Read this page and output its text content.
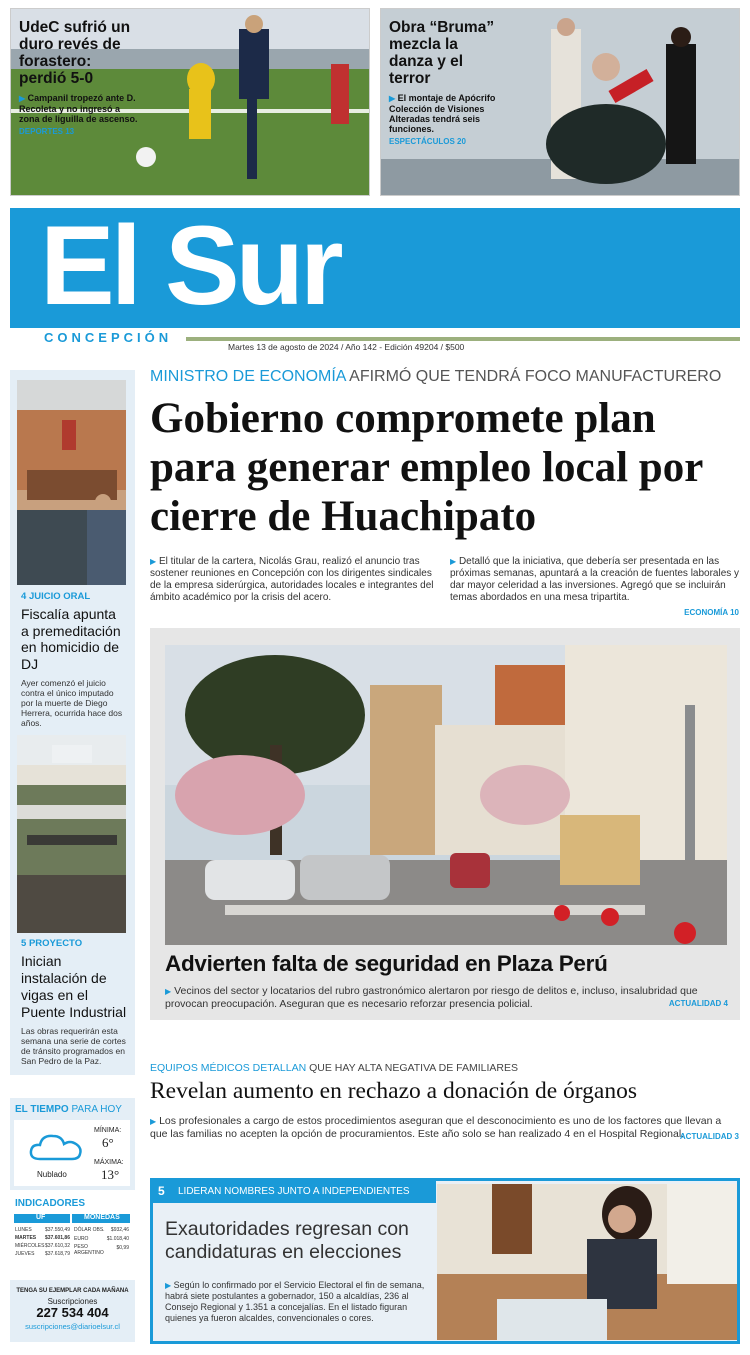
UdeC sufrió un duro revés de forastero: perdió 5-0
▶ Campanil tropezó ante D. Recoleta y no ingresó a zona de liguilla de ascenso.
DEPORTES 13
Obra “Bruma” mezcla la danza y el terror
▶ El montaje de Apócrifo Colección de Visiones Alteradas tendrá seis funciones.
ESPECTÁCULOS 20
El Sur
CONCEPCIÓN
Martes 13 de agosto de 2024 / Año 142 - Edición 49204 / $500
4 JUICIO ORAL
Fiscalía apunta a premeditación en homicidio de DJ
Ayer comenzó el juicio contra el único imputado por la muerte de Diego Herrera, ocurrida hace dos años.
5 PROYECTO
Inician instalación de vigas en el Puente Industrial
Las obras requerirán esta semana una serie de cortes de tránsito programados en San Pedro de la Paz.
EL TIEMPO PARA HOY
Nublado
MÍNIMA:
6°
MÁXIMA:
13°
INDICADORES
UF	MONEDAS
LUNES	$37.550,49
MARTES $37.601,86
MIÉRCOLES $37.610,32
JUEVES $37.618,79
DÓLAR OBS. $932,46
EURO	$1.018,40
PESO ARGENTINO
$0,99
TENGA SU EJEMPLAR CADA MAÑANA
Suscripciones
227 534 404
suscripciones@diarioelsur.cl
MINISTRO DE ECONOMÍA AFIRMÓ QUE TENDRÁ FOCO MANUFACTURERO
Gobierno compromete plan para generar empleo local por cierre de Huachipato
▶ El titular de la cartera, Nicolás Grau, realizó el anuncio tras sostener reuniones en Concepción con los dirigentes sindicales de la empresa siderúrgica, autoridades locales e integrantes del ámbito académico por la crisis del acero.
▶ Detalló que la iniciativa, que debería ser presentada en las próximas semanas, apuntará a la creación de fuentes laborales y dar mayor celeridad a las inversiones. Agregó que se incluirán temas abordados en una mesa tripartita.
ECONOMÍA 10
Advierten falta de seguridad en Plaza Perú
▶ Vecinos del sector y locatarios del rubro gastronómico alertaron por riesgo de delitos e, incluso, insalubridad que provocan preocupación. Aseguran que es necesario reforzar presencia policial.	ACTUALIDAD 4
EQUIPOS MÉDICOS DETALLAN QUE HAY ALTA NEGATIVA DE FAMILIARES
Revelan aumento en rechazo a donación de órganos
▶ Los profesionales a cargo de estos procedimientos aseguran que el desconocimiento es uno de los factores que llevan a que las familias no acepten la opción de procuramientos. Este año solo se han realizado 4 en el Hospital Regional.
ACTUALIDAD 3
5 LIDERAN NOMBRES JUNTO A INDEPENDIENTES
Exautoridades regresan con candidaturas en elecciones
▶ Según lo confirmado por el Servicio Electoral el fin de semana, habrá siete postulantes a gobernador, 150 a alcaldías, 236 al Consejo Regional y 1.351 a concejalías. En el listado figuran quienes ya fueron alcaldes, convencionales o cores.
